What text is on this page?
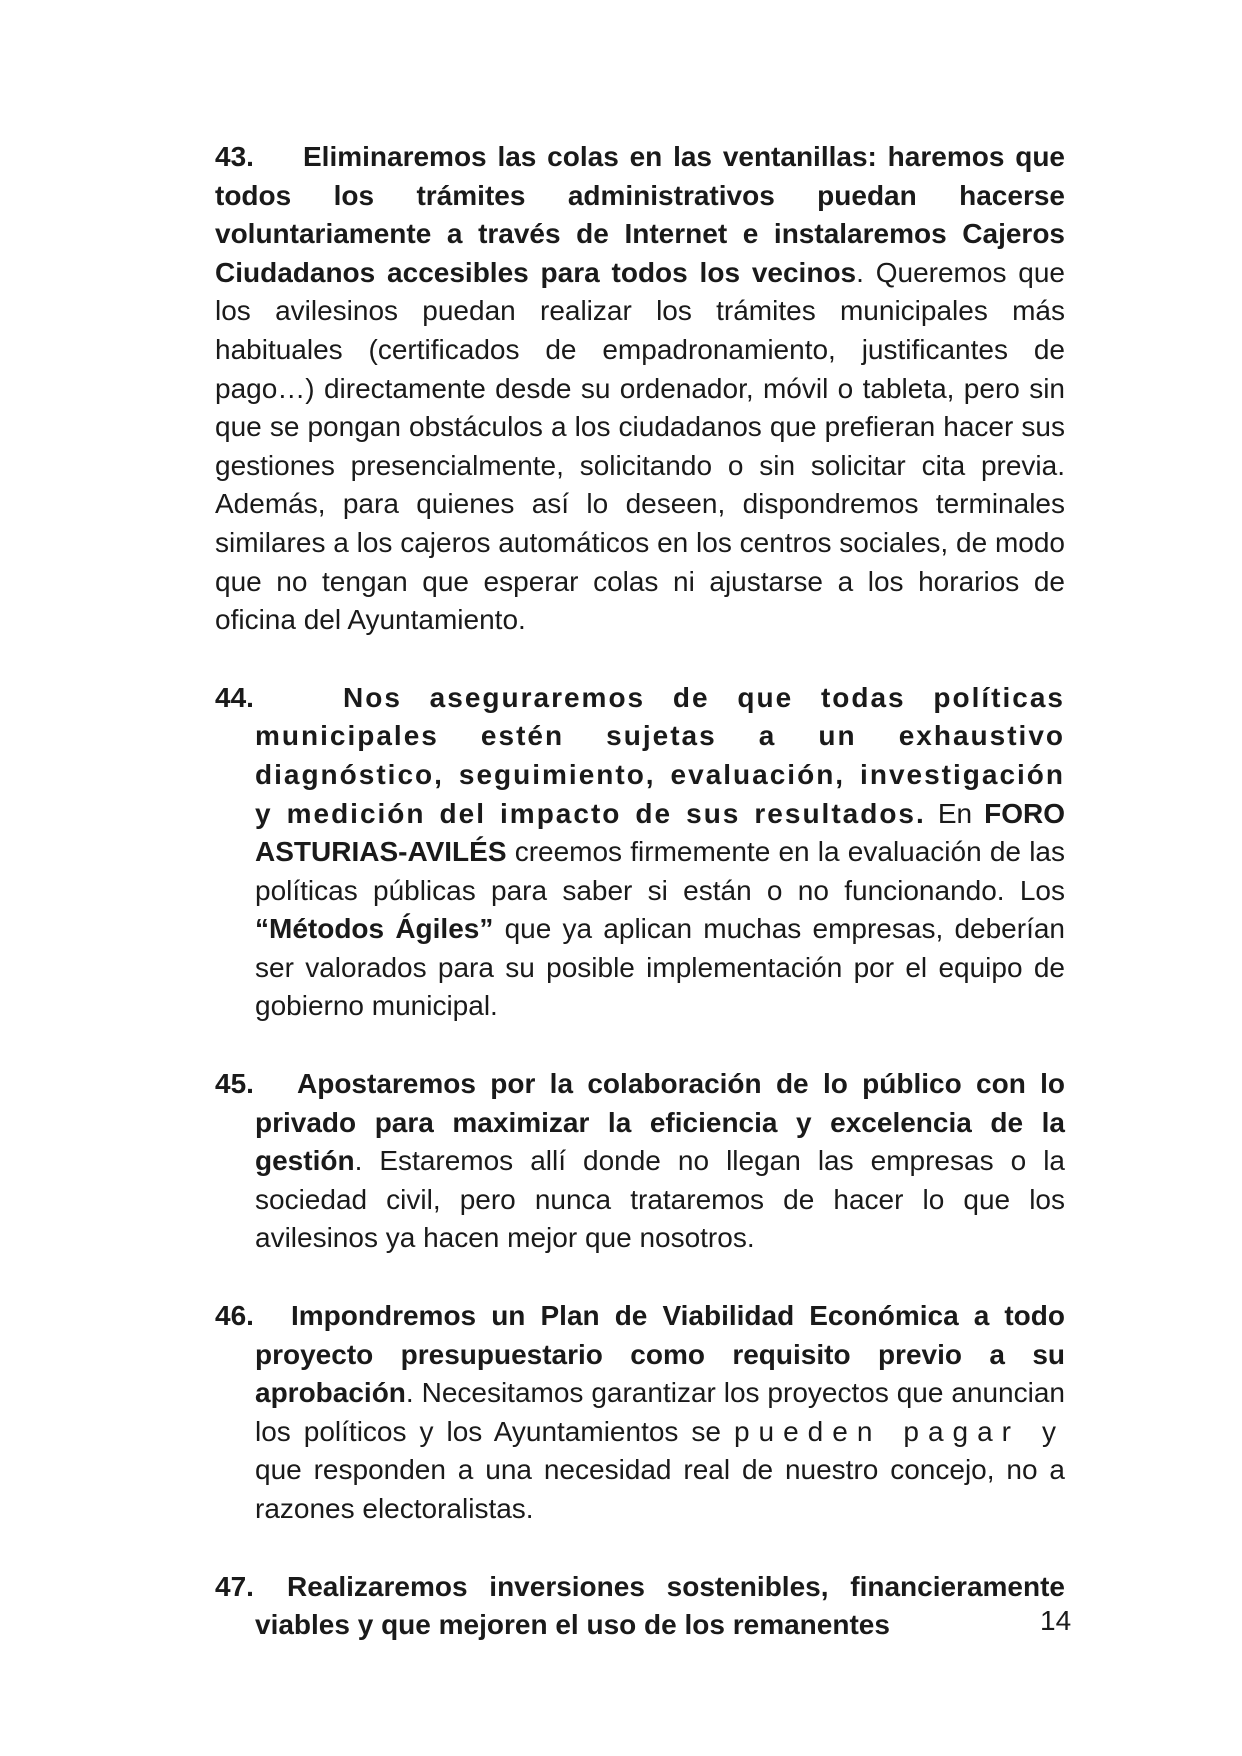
43. Eliminaremos las colas en las ventanillas: haremos que todos los trámites administrativos puedan hacerse voluntariamente a través de Internet e instalaremos Cajeros Ciudadanos accesibles para todos los vecinos. Queremos que los avilesinos puedan realizar los trámites municipales más habituales (certificados de empadronamiento, justificantes de pago…) directamente desde su ordenador, móvil o tableta, pero sin que se pongan obstáculos a los ciudadanos que prefieran hacer sus gestiones presencialmente, solicitando o sin solicitar cita previa. Además, para quienes así lo deseen, dispondremos terminales similares a los cajeros automáticos en los centros sociales, de modo que no tengan que esperar colas ni ajustarse a los horarios de oficina del Ayuntamiento.

44.	Nos aseguraremos de que todas políticas municipales estén sujetas a un exhaustivo diagnóstico, seguimiento, evaluación, investigación y medición del impacto de sus resultados. En FORO ASTURIAS-AVILÉS creemos firmemente en la evaluación de las políticas públicas para saber si están o no funcionando. Los “Métodos Ágiles” que ya aplican muchas empresas, deberían ser valorados para su posible implementación por el equipo de gobierno municipal.

45. Apostaremos por la colaboración de lo público con lo privado para maximizar la eficiencia y excelencia de la gestión. Estaremos allí donde no llegan las empresas o la sociedad civil, pero nunca trataremos de hacer lo que los avilesinos ya hacen mejor que nosotros.

46. Impondremos un Plan de Viabilidad Económica a todo proyecto presupuestario como requisito previo a su aprobación. Necesitamos garantizar los proyectos que anuncian los políticos y los Ayuntamientos se pueden pagar y que responden a una necesidad real de nuestro concejo, no a razones electoralistas.

47. Realizaremos inversiones sostenibles, financieramente viables y que mejoren el uso de los remanentes	14
